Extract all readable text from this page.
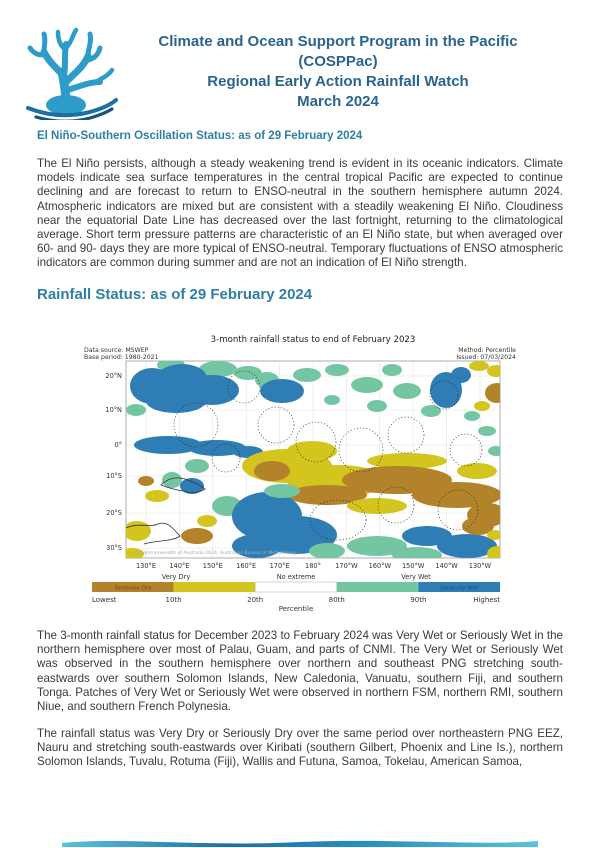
Climate and Ocean Support Program in the Pacific
(COSPPac)
Regional Early Action Rainfall Watch
March 2024
El Niño-Southern Oscillation Status: as of 29 February 2024
The El Niño persists, although a steady weakening trend is evident in its oceanic indicators. Climate models indicate sea surface temperatures in the central tropical Pacific are expected to continue declining and are forecast to return to ENSO-neutral in the southern hemisphere autumn 2024. Atmospheric indicators are mixed but are consistent with a steadily weakening El Niño. Cloudiness near the equatorial Date Line has decreased over the last fortnight, returning to the climatological average. Short term pressure patterns are characteristic of an El Niño state, but when averaged over 60- and 90- days they are more typical of ENSO-neutral. Temporary fluctuations of ENSO atmospheric indicators are common during summer and are not an indication of El Niño strength.
Rainfall Status: as of 29 February 2024
3-month rainfall status to end of February 2023
Data source: MSWEP
Base period: 1980-2021
Method: Percentile
Issued: 07/03/2024
20°N
10°N
0°
10°S
20°S
30°S
130°E 140°E 150°E 160°E 170°E 180° 170°W 160°W 150°W 140°W 130°W
© Commonwealth of Australia 2024, Australian Bureau of Meteorology
Very Dry	No extreme	Very Wet
Seriously Dry	Seriously Wet
Lowest	10th	20th	80th	90th	Highest
Percentile
The 3-month rainfall status for December 2023 to February 2024 was Very Wet or Seriously Wet in the northern hemisphere over most of Palau, Guam, and parts of CNMI. The Very Wet or Seriously Wet was observed in the southern hemisphere over northern and southeast PNG stretching south-eastwards over southern Solomon Islands, New Caledonia, Vanuatu, southern Fiji, and southern Tonga. Patches of Very Wet or Seriously Wet were observed in northern FSM, northern RMI, southern Niue, and southern French Polynesia.
The rainfall status was Very Dry or Seriously Dry over the same period over northeastern PNG EEZ, Nauru and stretching south-eastwards over Kiribati (southern Gilbert, Phoenix and Line Is.), northern Solomon Islands, Tuvalu, Rotuma (Fiji), Wallis and Futuna, Samoa, Tokelau, American Samoa,
